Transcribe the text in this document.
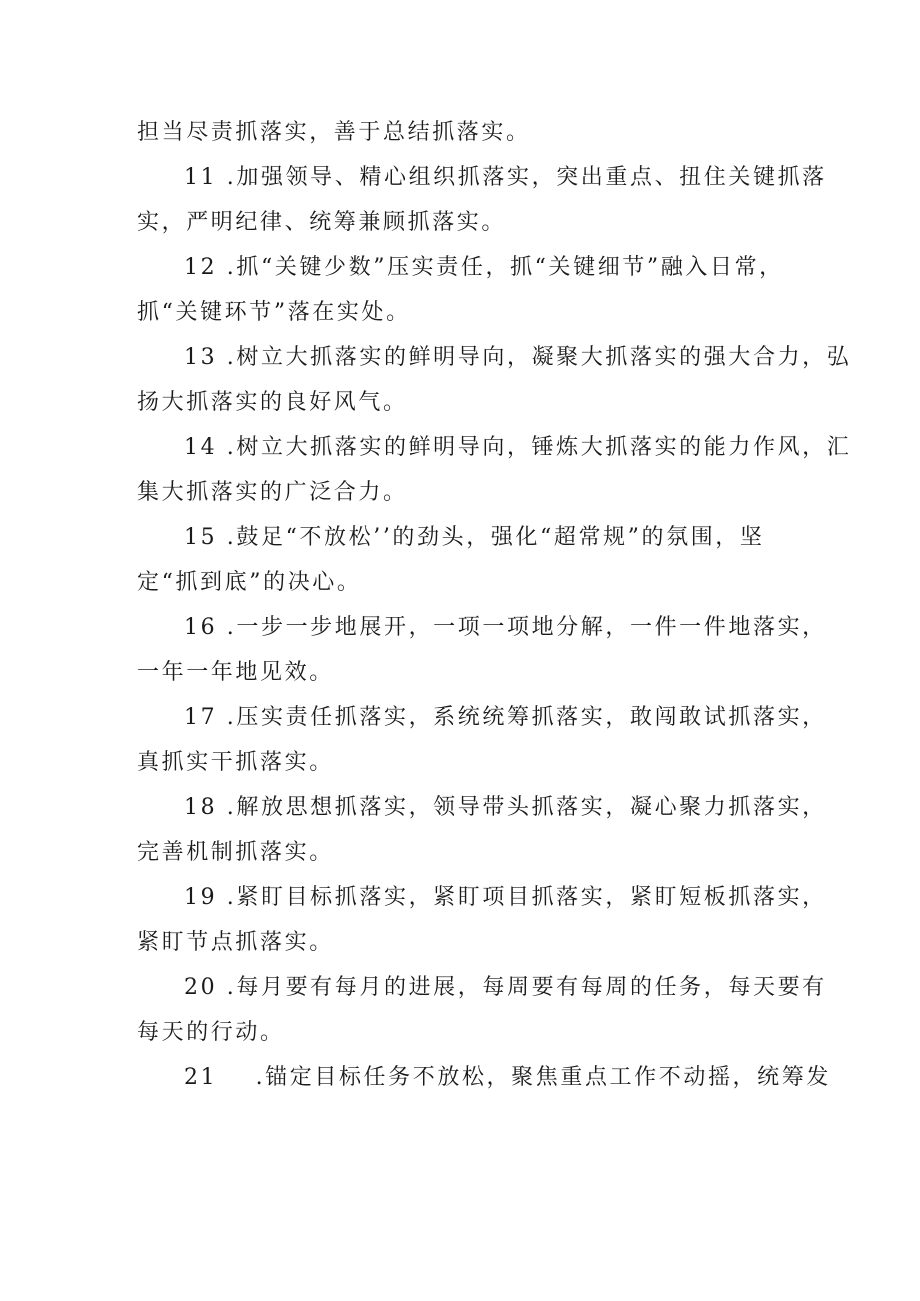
担当尽责抓落实，善于总结抓落实。

11 .加强领导、精心组织抓落实，突出重点、扭住关键抓落

实，严明纪律、统筹兼顾抓落实。

12 .抓“关键少数”压实责任，抓“关键细节”融入日常，

抓“关键环节”落在实处。

13 .树立大抓落实的鲜明导向，凝聚大抓落实的强大合力，弘

扬大抓落实的良好风气。

14 .树立大抓落实的鲜明导向，锤炼大抓落实的能力作风，汇

集大抓落实的广泛合力。

15 .鼓足“不放松’’的劲头，强化“超常规”的氛围，坚

定“抓到底”的决心。

16 .一步一步地展开，一项一项地分解，一件一件地落实，

一年一年地见效。

17 .压实责任抓落实，系统统筹抓落实，敢闯敢试抓落实，

真抓实干抓落实。

18 .解放思想抓落实，领导带头抓落实，凝心聚力抓落实，

完善机制抓落实。

19 .紧盯目标抓落实，紧盯项目抓落实，紧盯短板抓落实，

紧盯节点抓落实。

20 .每月要有每月的进展，每周要有每周的任务，每天要有

每天的行动。

21    .锚定目标任务不放松，聚焦重点工作不动摇，统筹发
